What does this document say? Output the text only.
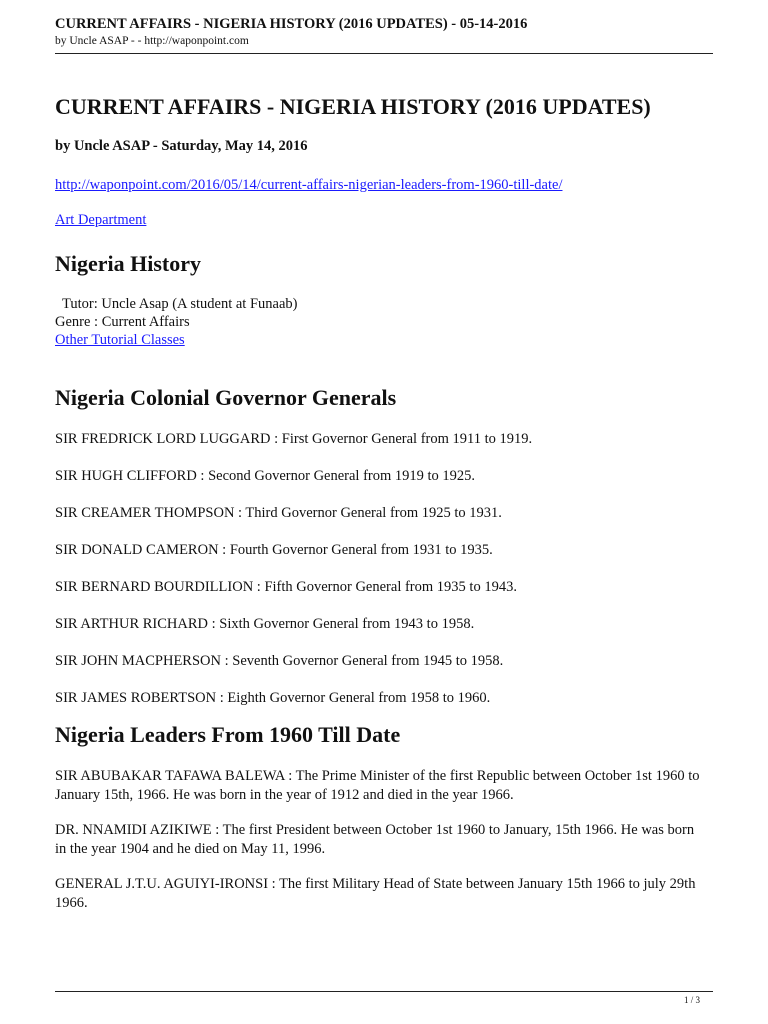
CURRENT AFFAIRS - NIGERIA HISTORY (2016 UPDATES) - 05-14-2016
by Uncle ASAP - - http://waponpoint.com
CURRENT AFFAIRS - NIGERIA HISTORY (2016 UPDATES)
by Uncle ASAP - Saturday, May 14, 2016
http://waponpoint.com/2016/05/14/current-affairs-nigerian-leaders-from-1960-till-date/
Art Department
Nigeria History
Tutor: Uncle Asap (A student at Funaab)
Genre : Current Affairs
Other Tutorial Classes
Nigeria Colonial Governor Generals
SIR FREDRICK LORD LUGGARD : First Governor General from 1911 to 1919.
SIR HUGH CLIFFORD : Second Governor General from 1919 to 1925.
SIR CREAMER THOMPSON : Third Governor General from 1925 to 1931.
SIR DONALD CAMERON : Fourth Governor General from 1931 to 1935.
SIR BERNARD BOURDILLION : Fifth Governor General from 1935 to 1943.
SIR ARTHUR RICHARD : Sixth Governor General from 1943 to 1958.
SIR JOHN MACPHERSON : Seventh Governor General from 1945 to 1958.
SIR JAMES ROBERTSON : Eighth Governor General from 1958 to 1960.
Nigeria Leaders From 1960 Till Date
SIR ABUBAKAR TAFAWA BALEWA : The Prime Minister of the first Republic between October 1st 1960 to January 15th, 1966. He was born in the year of 1912 and died in the year 1966.
DR. NNAMIDI AZIKIWE : The first President between October 1st 1960 to January, 15th 1966. He was born in the year 1904 and he died on May 11, 1996.
GENERAL J.T.U. AGUIYI-IRONSI : The first Military Head of State between January 15th 1966 to july 29th 1966.
1 / 3
